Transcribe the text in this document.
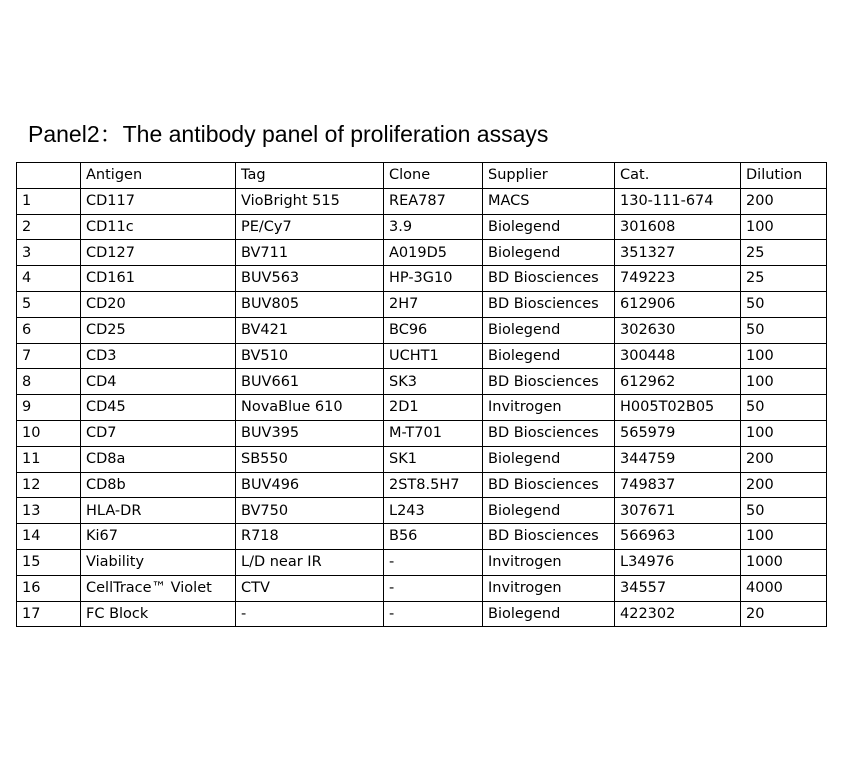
Panel2：The antibody panel of proliferation assays
	Antigen	Tag	Clone	Supplier	Cat.	Dilution
1	CD117	VioBright 515	REA787	MACS	130-111-674	200
2	CD11c	PE/Cy7	3.9	Biolegend	301608	100
3	CD127	BV711	A019D5	Biolegend	351327	25
4	CD161	BUV563	HP-3G10	BD Biosciences	749223	25
5	CD20	BUV805	2H7	BD Biosciences	612906	50
6	CD25	BV421	BC96	Biolegend	302630	50
7	CD3	BV510	UCHT1	Biolegend	300448	100
8	CD4	BUV661	SK3	BD Biosciences	612962	100
9	CD45	NovaBlue 610	2D1	Invitrogen	H005T02B05	50
10	CD7	BUV395	M-T701	BD Biosciences	565979	100
11	CD8a	SB550	SK1	Biolegend	344759	200
12	CD8b	BUV496	2ST8.5H7	BD Biosciences	749837	200
13	HLA-DR	BV750	L243	Biolegend	307671	50
14	Ki67	R718	B56	BD Biosciences	566963	100
15	Viability	L/D near IR	-	Invitrogen	L34976	1000
16	CellTrace™ Violet	CTV	-	Invitrogen	34557	4000
17	FC Block	-	-	Biolegend	422302	20
